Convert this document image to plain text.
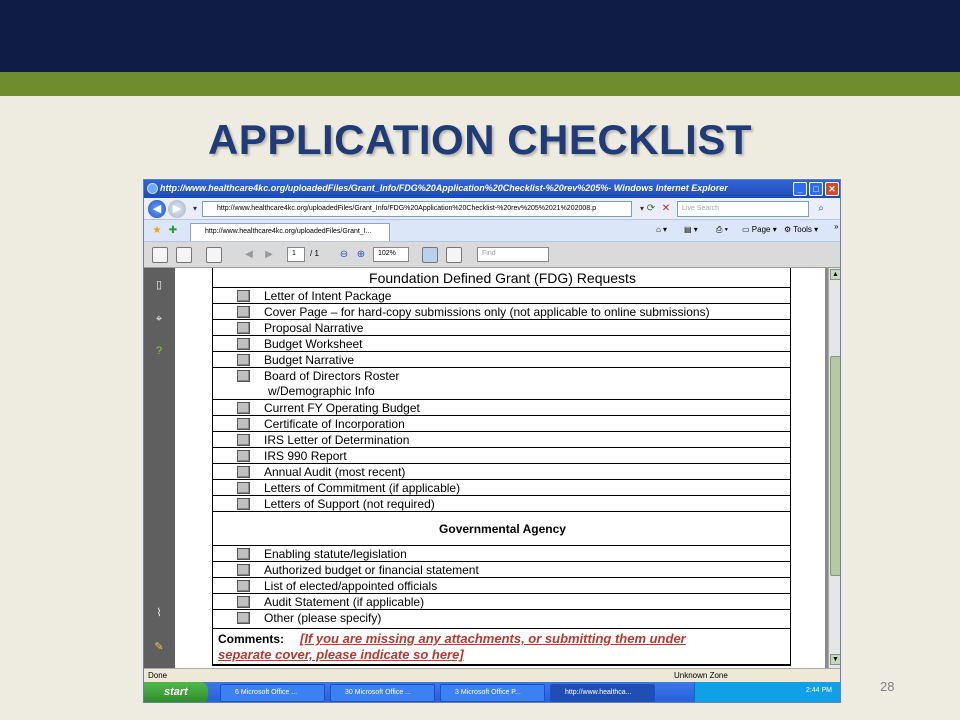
APPLICATION CHECKLIST
http://www.healthcare4kc.org/uploadedFiles/Grant_Info/FDG%20Application%20Checklist-%20rev%205%- Windows Internet Explorer	_	□	✕
◀	▶	▾	http://www.healthcare4kc.org/uploadedFiles/Grant_Info/FDG%20Application%20Checklist-%20rev%205%2021%202008.p	▾ ⟳ ✕	Live Search	⌕
★ ✚	http://www.healthcare4kc.org/uploadedFiles/Grant_I...	⌂ ▾ ▤ ▾ ⎙ ▾ ▭ Page ▾ ⚙ Tools ▾ »
◀	▶	1	/ 1 ⊖ ⊕	102%	Find
▯
⌖
?
⌇
✎
Foundation Defined Grant (FDG) Requests
Letter of Intent Package
Cover Page – for hard-copy submissions only (not applicable to online submissions)
Proposal Narrative
Budget Worksheet
Budget Narrative
Board of Directors Roster
w/Demographic Info
Current FY Operating Budget
Certificate of Incorporation
IRS Letter of Determination
IRS 990 Report
Annual Audit (most recent)
Letters of Commitment (if applicable)
Letters of Support (not required)
Governmental Agency
Enabling statute/legislation
Authorized budget or financial statement
List of elected/appointed officials
Audit Statement (if applicable)
Other (please specify)
Comments: [If you are missing any attachments, or submitting them under
separate cover, please indicate so here]
▲
▼
Done	Unknown Zone
start	6 Microsoft Office ...	30 Microsoft Office ...	3 Microsoft Office P...	http://www.healthca...	2:44 PM	28
